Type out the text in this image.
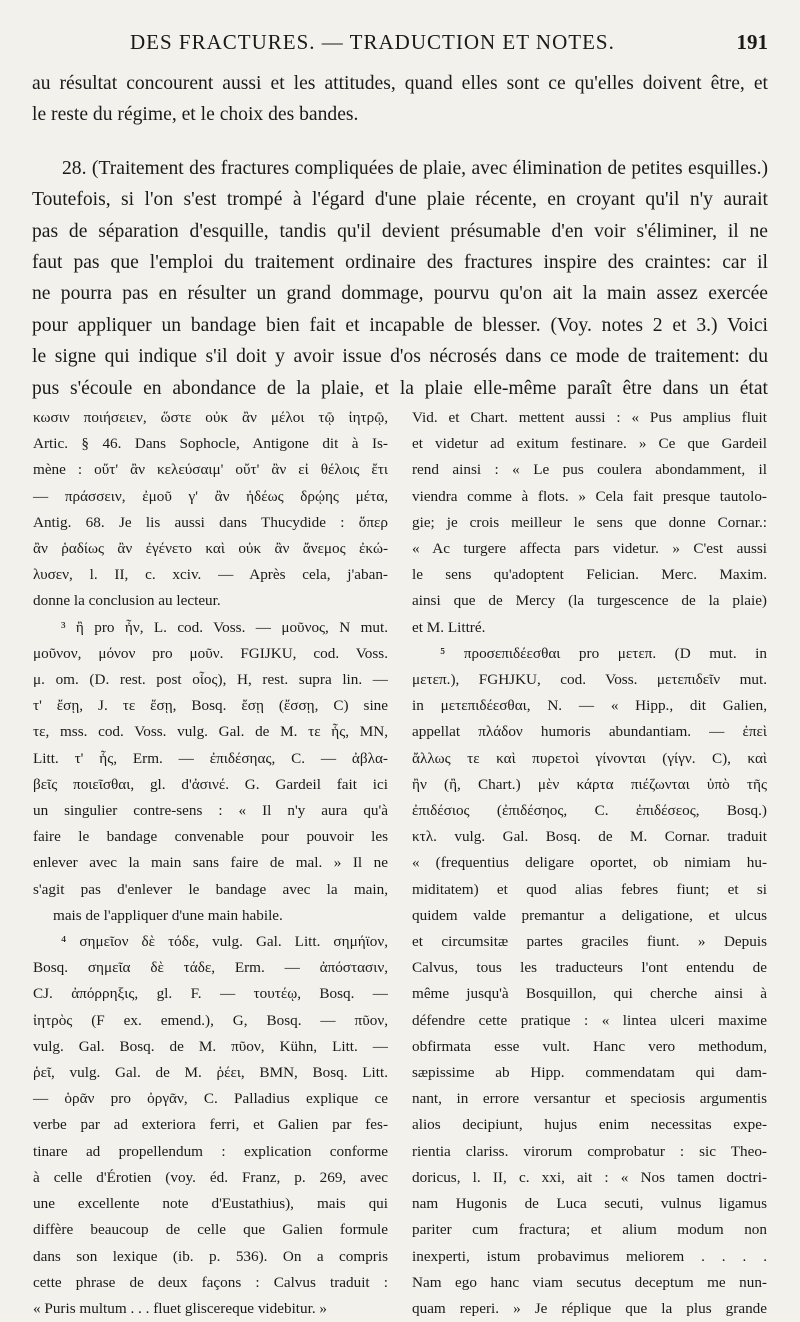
DES FRACTURES. — TRADUCTION ET NOTES.	191
au résultat concourent aussi et les attitudes, quand elles sont ce qu'elles doivent être, et
le reste du régime, et le choix des bandes.
28. (Traitement des fractures compliquées de plaie, avec élimination de petites esquilles.)
Toutefois, si l'on s'est trompé à l'égard d'une plaie récente, en croyant qu'il n'y aurait
pas de séparation d'esquille, tandis qu'il devient présumable d'en voir s'éliminer, il ne
faut pas que l'emploi du traitement ordinaire des fractures inspire des craintes: car il
ne pourra pas en résulter un grand dommage, pourvu qu'on ait la main assez exercée
pour appliquer un bandage bien fait et incapable de blesser. (Voy. notes 2 et 3.) Voici
le signe qui indique s'il doit y avoir issue d'os nécrosés dans ce mode de traitement: du
pus s'écoule en abondance de la plaie, et la plaie elle-même paraît être dans un état
κωσιν ποιήσειεν, ὥστε οὐκ ἂν μέλοι τῷ ἰητρῷ,
Artic. § 46. Dans Sophocle, Antigone dit à Is-
mène : οὔτ' ἂν κελεύσαιμ' οὔτ' ἂν εἰ θέλοις ἔτι
— πράσσειν, ἐμοῦ γ' ἂν ἡδέως δρῴης μέτα,
Antig. 68. Je lis aussi dans Thucydide : ὅπερ
ἂν ῥαδίως ἂν ἐγένετο καὶ οὐκ ἂν ἄνεμος ἐκώ-
λυσεν, l. II, c. xciv. — Après cela, j'aban-
donne la conclusion au lecteur.
³ ἢ pro ἦν, L. cod. Voss. — μοῦνος, N mut.
μοῦνον, μόνον pro μοῦν. FGIJKU, cod. Voss.
μ. om. (D. rest. post οἷος), H, rest. supra lin. —
τ' ἔσῃ, J. τε ἔσῃ, Bosq. ἔσῃ (ἔσσῃ, C) sine
τε, mss. cod. Voss. vulg. Gal. de M. τε ἧς, MN,
Litt. τ' ἧς, Erm. — ἐπιδέσηας, C. — ἀβλα-
βεῖς ποιεῖσθαι, gl. d'ἀσινέ. G. Gardeil fait ici
un singulier contre-sens : « Il n'y aura qu'à
faire le bandage convenable pour pouvoir les
enlever avec la main sans faire de mal. » Il ne
s'agit pas d'enlever le bandage avec la main,
mais de l'appliquer d'une main habile.
⁴ σημεῖον δὲ τόδε, vulg. Gal. Litt. σημήϊον,
Bosq. σημεῖα δὲ τάδε, Erm. — ἀπόστασιν,
CJ. ἀπόρρηξις, gl. F. — τουτέῳ, Bosq. —
ἰητρὸς (F ex. emend.), G, Bosq. — πῦον,
vulg. Gal. Bosq. de M. πῦον, Kühn, Litt. —
ῥεῖ, vulg. Gal. de M. ῥέει, BMN, Bosq. Litt.
— ὁρᾶν pro ὀργᾶν, C. Palladius explique ce
verbe par ad exteriora ferri, et Galien par fes-
tinare ad propellendum : explication conforme
à celle d'Érotien (voy. éd. Franz, p. 269, avec
une excellente note d'Eustathius), mais qui
diffère beaucoup de celle que Galien formule
dans son lexique (ib. p. 536). On a compris
cette phrase de deux façons : Calvus traduit :
« Puris multum . . . fluet gliscereque videbitur. »
Vid. et Chart. mettent aussi : « Pus amplius fluit
et videtur ad exitum festinare. » Ce que Gardeil
rend ainsi : « Le pus coulera abondamment, il
viendra comme à flots. » Cela fait presque tautolo-
gie; je crois meilleur le sens que donne Cornar.:
« Ac turgere affecta pars videtur. » C'est aussi
le sens qu'adoptent Felician. Merc. Maxim.
ainsi que de Mercy (la turgescence de la plaie)
et M. Littré.
⁵ προσεπιδέεσθαι pro μετεπ. (D mut. in
μετεπ.), FGHJKU, cod. Voss. μετεπιδεῖν mut.
in μετεπιδέεσθαι, N. — « Hipp., dit Galien,
appellat πλάδον humoris abundantiam. — ἐπεὶ
ἄλλως τε καὶ πυρετοὶ γίνονται (γίγν. C), καὶ
ἢν (ἢ, Chart.) μὲν κάρτα πιέζωνται ὑπὸ τῆς
ἐπιδέσιος (ἐπιδέσηος, C. ἐπιδέσεος, Bosq.)
κτλ. vulg. Gal. Bosq. de M. Cornar. traduit
« (frequentius deligare oportet, ob nimiam hu-
miditatem) et quod alias febres fiunt; et si
quidem valde premantur a deligatione, et ulcus
et circumsitæ partes graciles fiunt. » Depuis
Calvus, tous les traducteurs l'ont entendu de
même jusqu'à Bosquillon, qui cherche ainsi à
défendre cette pratique : « lintea ulceri maxime
obfirmata esse vult. Hanc vero methodum,
sæpissime ab Hipp. commendatam qui dam-
nant, in errore versantur et speciosis argumentis
alios decipiunt, hujus enim necessitas expe-
rientia clariss. virorum comprobatur : sic Theo-
doricus, l. II, c. xxi, ait : « Nos tamen doctri-
nam Hugonis de Luca secuti, vulnus ligamus
pariter cum fractura; et alium modum non
inexperti, istum probavimus meliorem . . . .
Nam ego hanc viam secutus deceptum me nun-
quam reperi. » Je réplique que la plus grande
